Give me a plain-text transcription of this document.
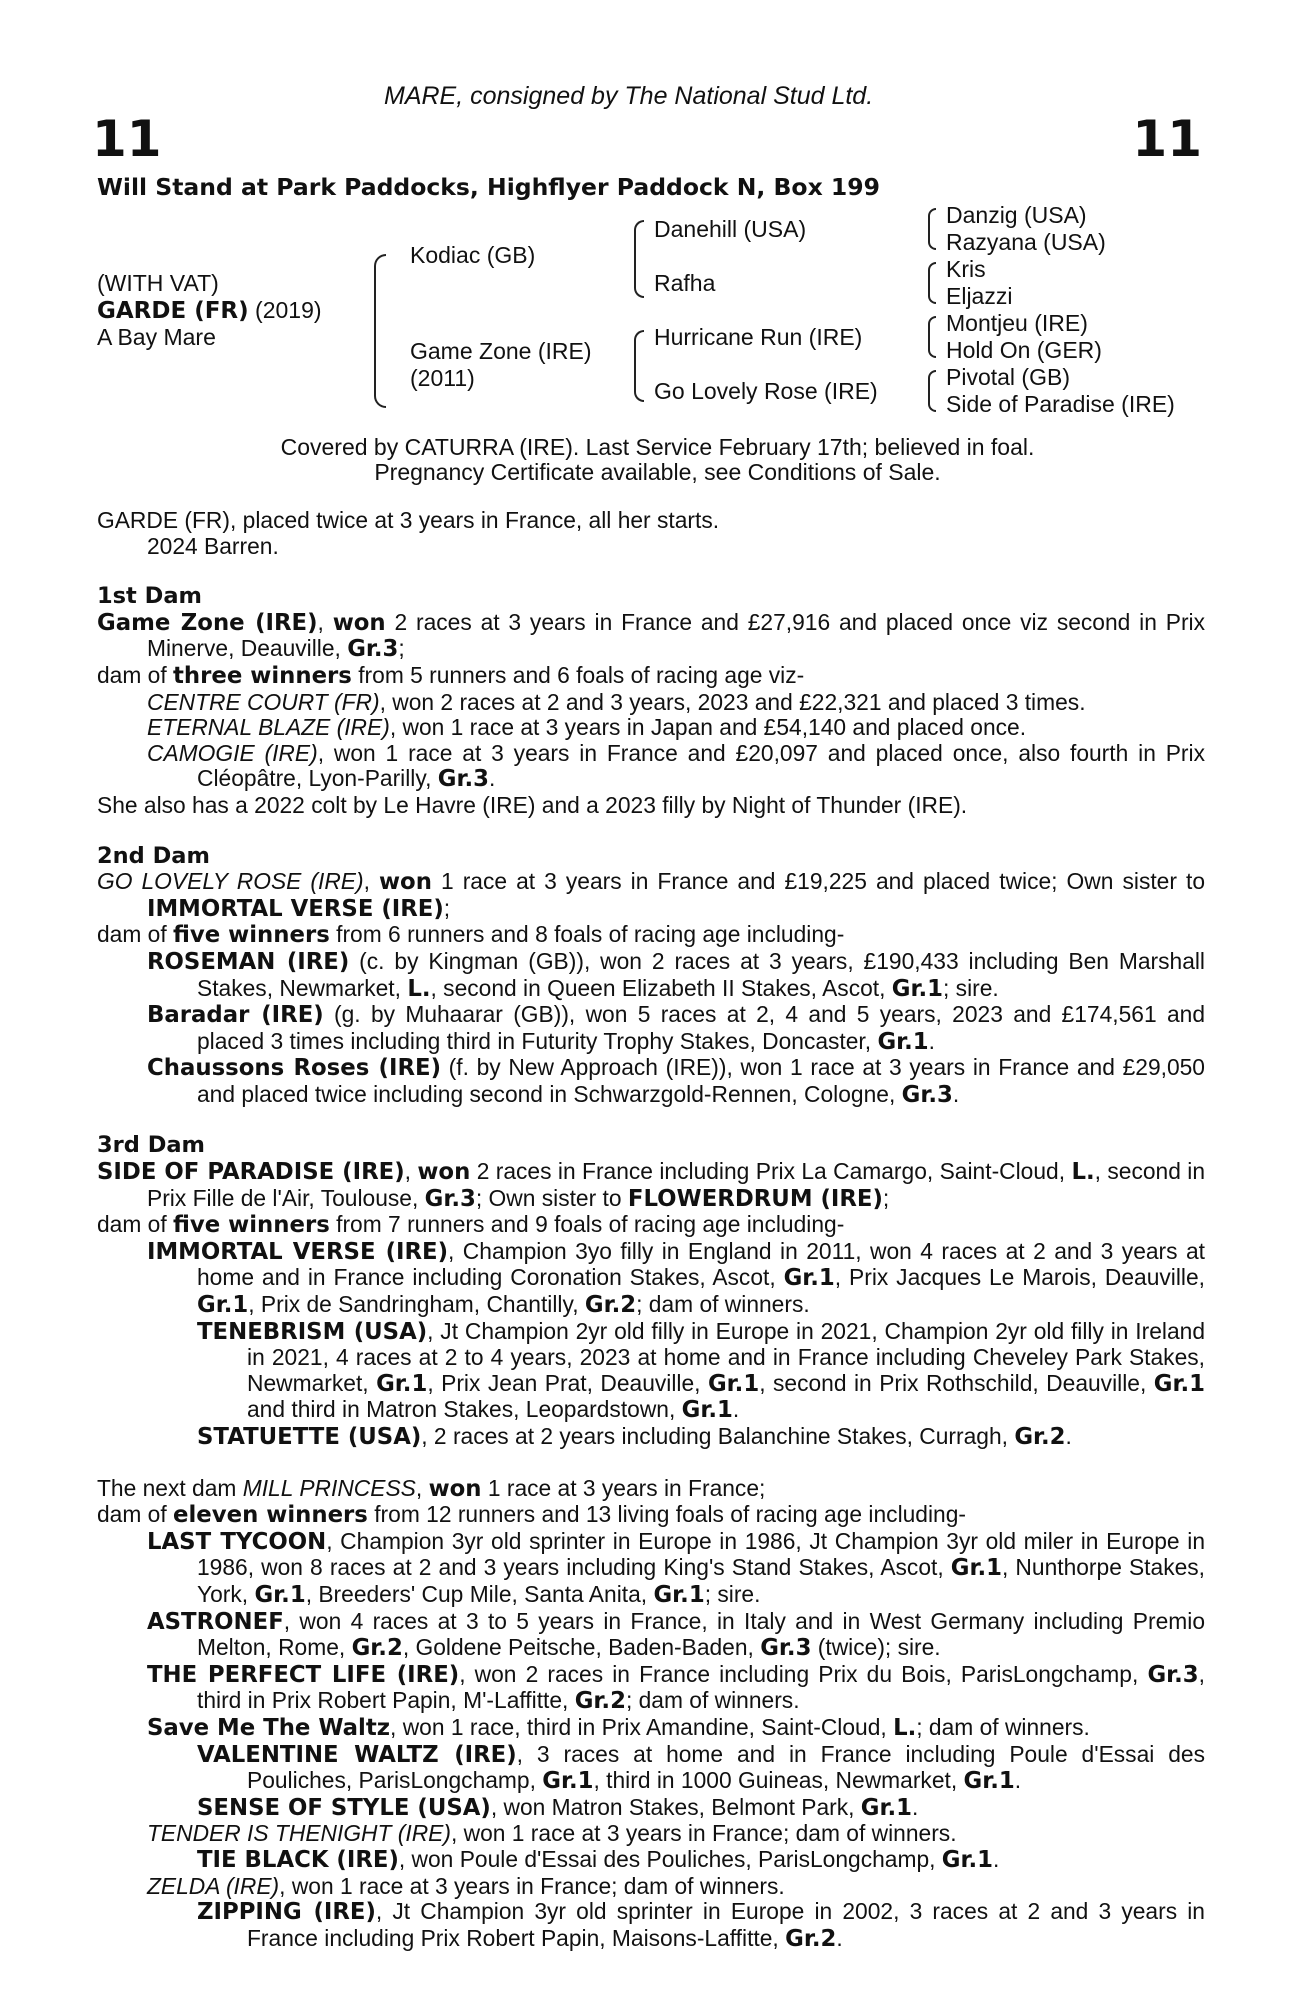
MARE, consigned by The National Stud Ltd.
11	11
Will Stand at Park Paddocks, Highflyer Paddock N, Box 199
(WITH VAT)
GARDE (FR) (2019)
A Bay Mare
Kodiac (GB)
Game Zone (IRE)
(2011)
Danehill (USA)
Rafha
Hurricane Run (IRE)
Go Lovely Rose (IRE)
Danzig (USA)
Razyana (USA)
Kris
Eljazzi
Montjeu (IRE)
Hold On (GER)
Pivotal (GB)
Side of Paradise (IRE)
Covered by CATURRA (IRE). Last Service February 17th; believed in foal.
Pregnancy Certificate available, see Conditions of Sale.

GARDE (FR), placed twice at 3 years in France, all her starts.

2024 Barren.

1st Dam

Game Zone (IRE), won 2 races at 3 years in France and £27,916 and placed once viz second in Prix Minerve, Deauville, Gr.3;

dam of three winners from 5 runners and 6 foals of racing age viz-

CENTRE COURT (FR), won 2 races at 2 and 3 years, 2023 and £22,321 and placed 3 times.

ETERNAL BLAZE (IRE), won 1 race at 3 years in Japan and £54,140 and placed once.

CAMOGIE (IRE), won 1 race at 3 years in France and £20,097 and placed once, also fourth in Prix Cléopâtre, Lyon-Parilly, Gr.3.

She also has a 2022 colt by Le Havre (IRE) and a 2023 filly by Night of Thunder (IRE).

2nd Dam

GO LOVELY ROSE (IRE), won 1 race at 3 years in France and £19,225 and placed twice; Own sister to IMMORTAL VERSE (IRE);

dam of five winners from 6 runners and 8 foals of racing age including-

ROSEMAN (IRE) (c. by Kingman (GB)), won 2 races at 3 years, £190,433 including Ben Marshall Stakes, Newmarket, L., second in Queen Elizabeth II Stakes, Ascot, Gr.1; sire.

Baradar (IRE) (g. by Muhaarar (GB)), won 5 races at 2, 4 and 5 years, 2023 and £174,561 and placed 3 times including third in Futurity Trophy Stakes, Doncaster, Gr.1.

Chaussons Roses (IRE) (f. by New Approach (IRE)), won 1 race at 3 years in France and £29,050 and placed twice including second in Schwarzgold-Rennen, Cologne, Gr.3.

3rd Dam

SIDE OF PARADISE (IRE), won 2 races in France including Prix La Camargo, Saint-Cloud, L., second in Prix Fille de l'Air, Toulouse, Gr.3; Own sister to FLOWERDRUM (IRE);

dam of five winners from 7 runners and 9 foals of racing age including-

IMMORTAL VERSE (IRE), Champion 3yo filly in England in 2011, won 4 races at 2 and 3 years at home and in France including Coronation Stakes, Ascot, Gr.1, Prix Jacques Le Marois, Deauville, Gr.1, Prix de Sandringham, Chantilly, Gr.2; dam of winners.

TENEBRISM (USA), Jt Champion 2yr old filly in Europe in 2021, Champion 2yr old filly in Ireland in 2021, 4 races at 2 to 4 years, 2023 at home and in France including Cheveley Park Stakes, Newmarket, Gr.1, Prix Jean Prat, Deauville, Gr.1, second in Prix Rothschild, Deauville, Gr.1 and third in Matron Stakes, Leopardstown, Gr.1.

STATUETTE (USA), 2 races at 2 years including Balanchine Stakes, Curragh, Gr.2.

The next dam MILL PRINCESS, won 1 race at 3 years in France;

dam of eleven winners from 12 runners and 13 living foals of racing age including-

LAST TYCOON, Champion 3yr old sprinter in Europe in 1986, Jt Champion 3yr old miler in Europe in 1986, won 8 races at 2 and 3 years including King's Stand Stakes, Ascot, Gr.1, Nunthorpe Stakes, York, Gr.1, Breeders' Cup Mile, Santa Anita, Gr.1; sire.

ASTRONEF, won 4 races at 3 to 5 years in France, in Italy and in West Germany including Premio Melton, Rome, Gr.2, Goldene Peitsche, Baden-Baden, Gr.3 (twice); sire.

THE PERFECT LIFE (IRE), won 2 races in France including Prix du Bois, ParisLongchamp, Gr.3, third in Prix Robert Papin, M'-Laffitte, Gr.2; dam of winners.

Save Me The Waltz, won 1 race, third in Prix Amandine, Saint-Cloud, L.; dam of winners.

VALENTINE WALTZ (IRE), 3 races at home and in France including Poule d'Essai des Pouliches, ParisLongchamp, Gr.1, third in 1000 Guineas, Newmarket, Gr.1.

SENSE OF STYLE (USA), won Matron Stakes, Belmont Park, Gr.1.

TENDER IS THENIGHT (IRE), won 1 race at 3 years in France; dam of winners.

TIE BLACK (IRE), won Poule d'Essai des Pouliches, ParisLongchamp, Gr.1.

ZELDA (IRE), won 1 race at 3 years in France; dam of winners.

ZIPPING (IRE), Jt Champion 3yr old sprinter in Europe in 2002, 3 races at 2 and 3 years in France including Prix Robert Papin, Maisons-Laffitte, Gr.2.
